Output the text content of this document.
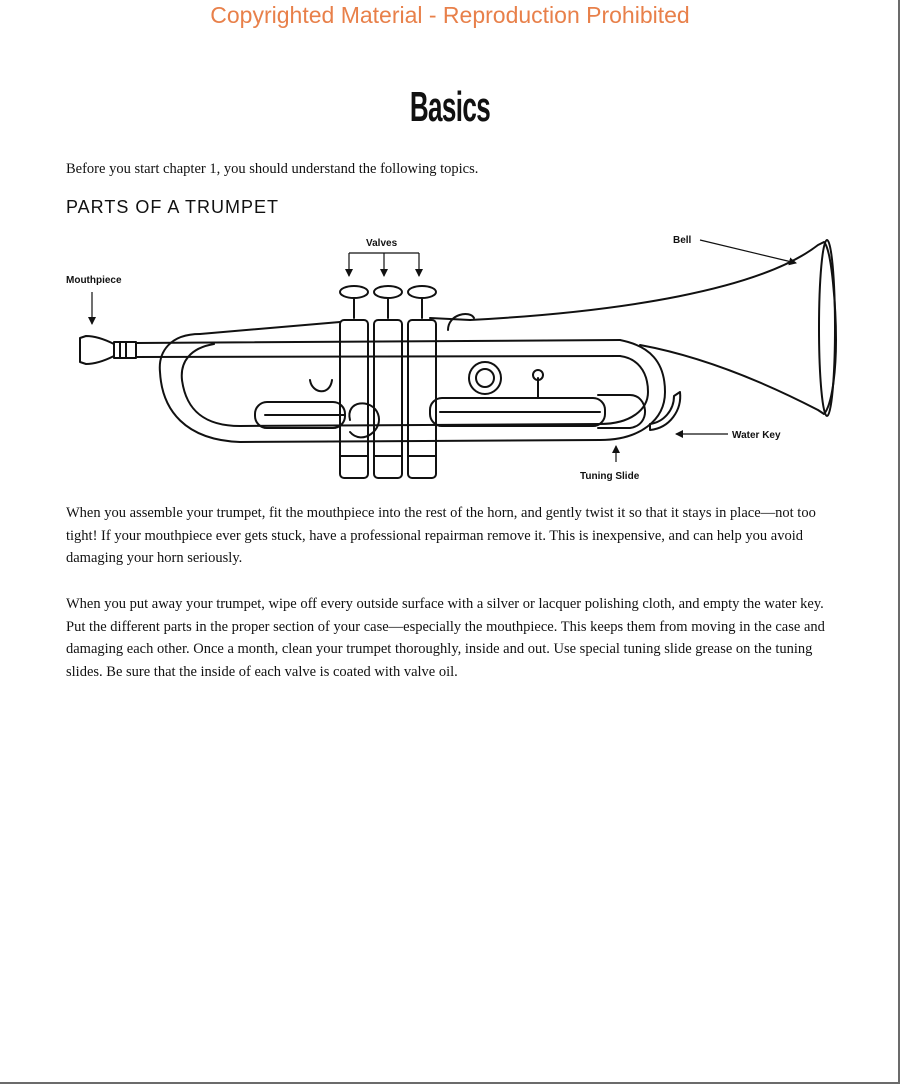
Copyrighted Material - Reproduction Prohibited
Basics
Before you start chapter 1, you should understand the following topics.
PARTS OF A TRUMPET
Valves	Bell
Mouthpiece
Water Key
Tuning Slide

When you assemble your trumpet, fit the mouthpiece into the rest of the horn, and gently twist it so that it stays in place—not too tight! If your mouthpiece ever gets stuck, have a professional repairman remove it. This is inexpensive, and can help you avoid damaging your horn seriously.

When you put away your trumpet, wipe off every outside surface with a silver or lacquer polishing cloth, and empty the water key. Put the different parts in the proper section of your case—especially the mouthpiece. This keeps them from moving in the case and damaging each other. Once a month, clean your trumpet thoroughly, inside and out. Use special tuning slide grease on the tuning slides. Be sure that the inside of each valve is coated with valve oil.
